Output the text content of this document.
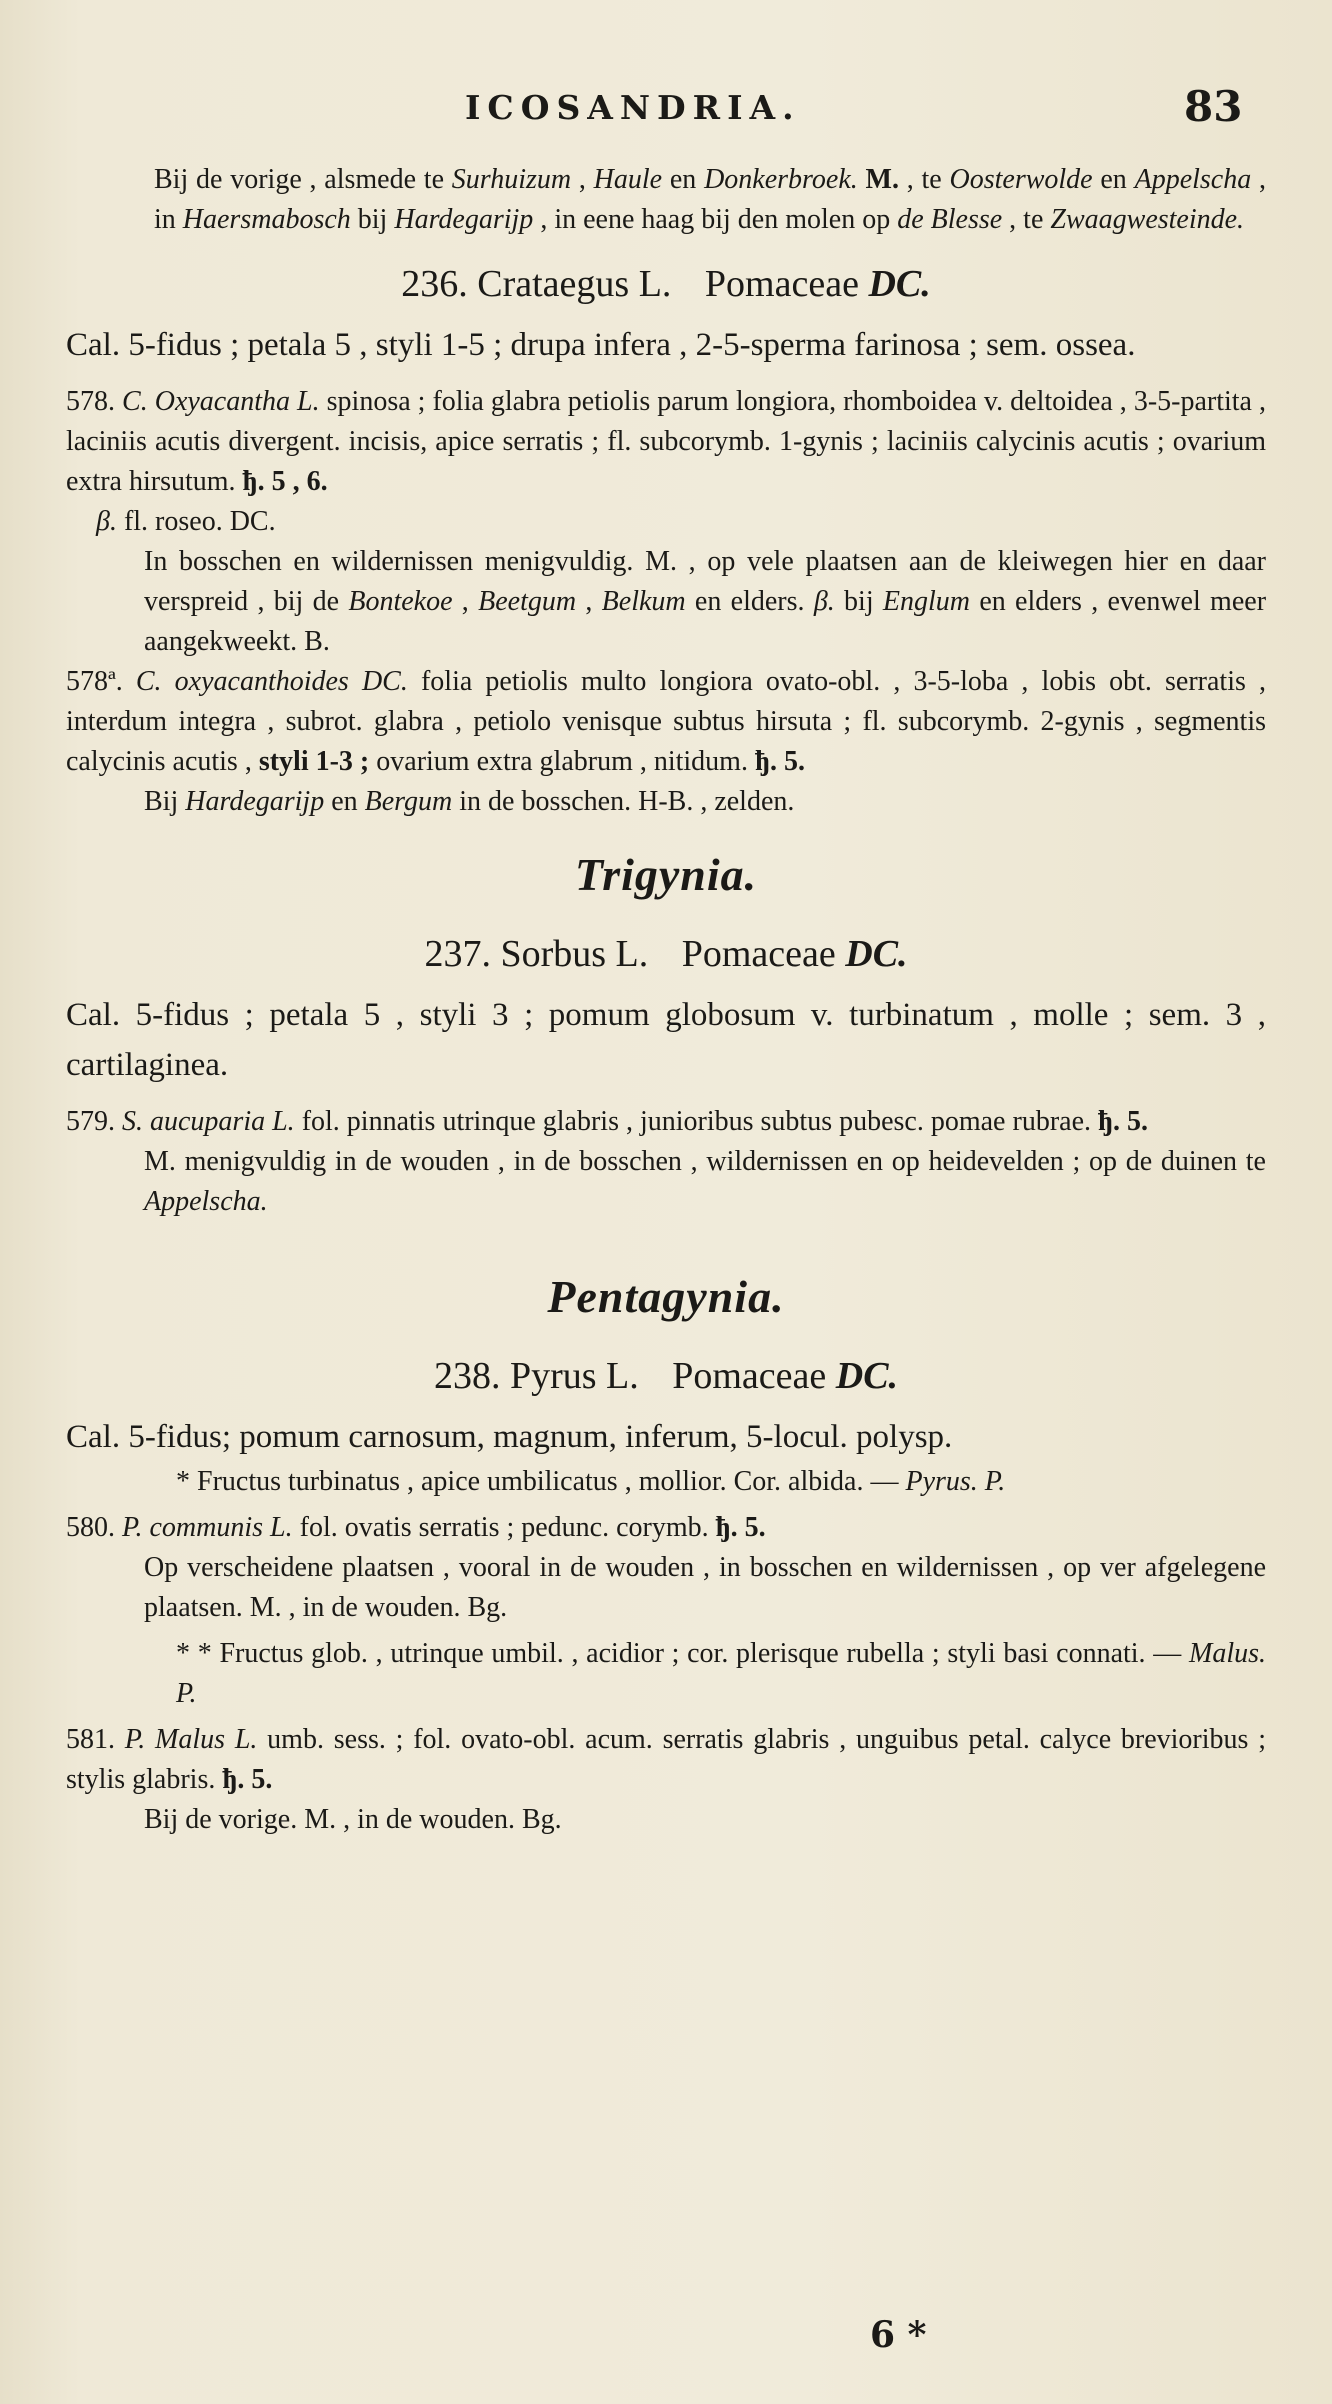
ICOSANDRIA.	83

Bij de vorige , alsmede te Surhuizum , Haule en Donkerbroek. M. , te Oosterwolde en Appelscha , in Haersmabosch bij Hardegarijp , in eene haag bij den molen op de Blesse , te Zwaagwesteinde.

236. Crataegus L. Pomaceae DC.

Cal. 5-fidus ; petala 5 , styli 1-5 ; drupa infera , 2-5-sperma farinosa ; sem. ossea.

578. C. Oxyacantha L. spinosa ; folia glabra petiolis parum longiora, rhomboidea v. deltoidea , 3-5-partita , laciniis acutis divergent. incisis, apice serratis ; fl. subcorymb. 1-gynis ; laciniis calycinis acutis ; ovarium extra hirsutum. ђ. 5 , 6.

β. fl. roseo. DC.

In bosschen en wildernissen menigvuldig. M. , op vele plaatsen aan de kleiwegen hier en daar verspreid , bij de Bontekoe , Beetgum , Belkum en elders. β. bij Englum en elders , evenwel meer aangekweekt. B.

578ª. C. oxyacanthoides DC. folia petiolis multo longiora ovato-obl. , 3-5-loba , lobis obt. serratis , interdum integra , subrot. glabra , petiolo venisque subtus hirsuta ; fl. subcorymb. 2-gynis , segmentis calycinis acutis , styli 1-3 ; ovarium extra glabrum , nitidum. ђ. 5.

Bij Hardegarijp en Bergum in de bosschen. H-B. , zelden.

Trigynia.
237. Sorbus L. Pomaceae DC.

Cal. 5-fidus ; petala 5 , styli 3 ; pomum globosum v. turbinatum , molle ; sem. 3 , cartilaginea.

579. S. aucuparia L. fol. pinnatis utrinque glabris , junioribus subtus pubesc. pomae rubrae. ђ. 5.

M. menigvuldig in de wouden , in de bosschen , wildernissen en op heidevelden ; op de duinen te Appelscha.

Pentagynia.
238. Pyrus L. Pomaceae DC.

Cal. 5-fidus; pomum carnosum, magnum, inferum, 5-locul. polysp.

* Fructus turbinatus , apice umbilicatus , mollior. Cor. albida. — Pyrus. P.

580. P. communis L. fol. ovatis serratis ; pedunc. corymb. ђ. 5.

Op verscheidene plaatsen , vooral in de wouden , in bosschen en wildernissen , op ver afgelegene plaatsen. M. , in de wouden. Bg.

* * Fructus glob. , utrinque umbil. , acidior ; cor. plerisque rubella ; styli basi connati. — Malus. P.

581. P. Malus L. umb. sess. ; fol. ovato-obl. acum. serratis glabris , unguibus petal. calyce brevioribus ; stylis glabris. ђ. 5.

Bij de vorige. M. , in de wouden. Bg.

6 *
